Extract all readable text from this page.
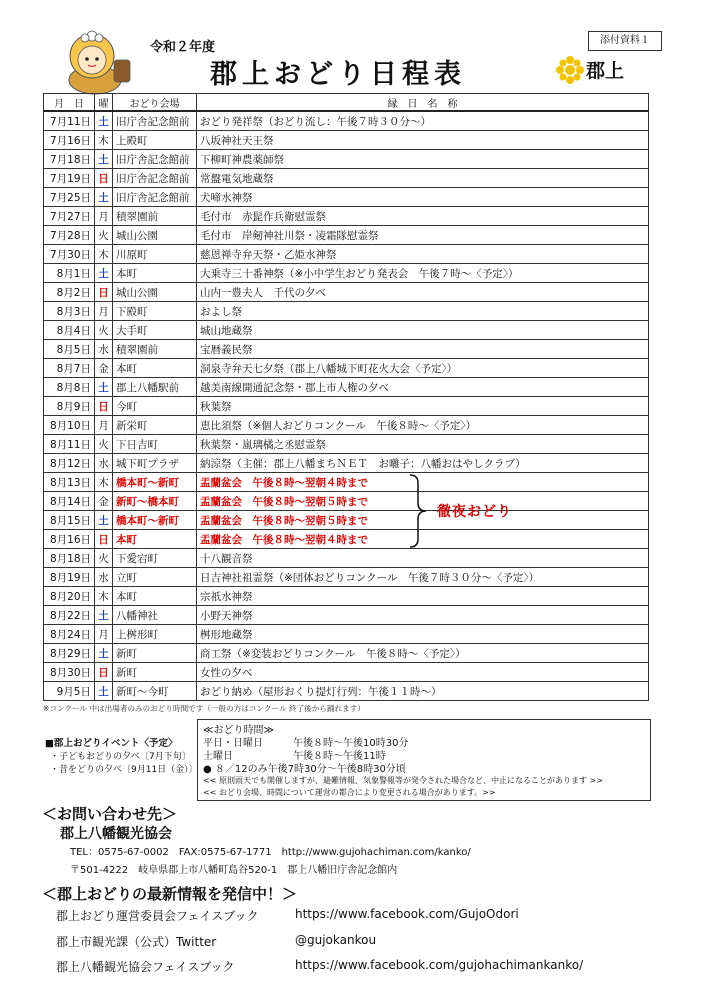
令和２年度
郡上おどり日程表
添付資料１
郡上
月　日	曜	おどり会場	縁　日　名　称
7月11日	土	旧庁舎記念館前	おどり発祥祭（おどり流し：午後７時３０分～）
7月16日	木	上殿町	八坂神社天王祭
7月18日	土	旧庁舎記念館前	下柳町神農薬師祭
7月19日	日	旧庁舎記念館前	常盤電気地蔵祭
7月25日	土	旧庁舎記念館前	犬啼水神祭
7月27日	月	積翠園前	毛付市　赤髭作兵衛慰霊祭
7月28日	火	城山公園	毛付市　岸剱神社川祭・凌霜隊慰霊祭
7月30日	木	川原町	慈恩禅寺弁天祭・乙姫水神祭
8月1日	土	本町	大乗寺三十番神祭（※小中学生おどり発表会　午後７時～〈予定〉）
8月2日	日	城山公園	山内一豊夫人　千代の夕べ
8月3日	月	下殿町	およし祭
8月4日	火	大手町	城山地蔵祭
8月5日	水	積翠園前	宝暦義民祭
8月7日	金	本町	洞泉寺弁天七夕祭（郡上八幡城下町花火大会〈予定〉）
8月8日	土	郡上八幡駅前	越美南線開通記念祭・郡上市人権の夕べ
8月9日	日	今町	秋葉祭
8月10日	月	新栄町	恵比須祭（※個人おどりコンクール　午後８時～〈予定〉）
8月11日	火	下日吉町	秋葉祭・嵐璃橘之丞慰霊祭
8月12日	水	城下町プラザ	納涼祭（主催：郡上八幡まちＮＥＴ　お囃子：八幡おはやしクラブ）
8月13日	木	橋本町～新町	盂蘭盆会　午後８時～翌朝４時まで
8月14日	金	新町～橋本町	盂蘭盆会　午後８時～翌朝５時まで
8月15日	土	橋本町～新町	盂蘭盆会　午後８時～翌朝５時まで
8月16日	日	本町	盂蘭盆会　午後８時～翌朝４時まで
8月18日	火	下愛宕町	十八観音祭
8月19日	水	立町	日吉神社祖霊祭（※団体おどりコンクール　午後７時３０分～〈予定〉）
8月20日	木	本町	宗祇水神祭
8月22日	土	八幡神社	小野天神祭
8月24日	月	上桝形町	桝形地蔵祭
8月29日	土	新町	商工祭（※変装おどりコンクール　午後８時～〈予定〉）
8月30日	日	新町	女性の夕べ
9月5日	土	新町～今町	おどり納め（屋形おくり提灯行列：午後１１時～）
徹夜おどり
※コンクール 中は出場者のみのおどり時間です（一般の方はコンクール 終了後から踊れます）
■郡上おどりイベント〈予定〉
・子どもおどりの夕べ〔7月下旬〕
・昔をどりの夕べ〔9月11日（金）〕
≪おどり時間≫
平日・日曜日　　　午後８時～午後10時30分
土曜日　　　　　　午後８時～午後11時
● ８／12のみ午後7時30分～午後8時30分頃
<< 原則雨天でも開催しますが、避難情報、気象警報等が発令された場合など、中止になることがあります >>
<< おどり会場、時間について運営の都合により変更される場合があります。>>
＜お問い合わせ先＞
郡上八幡観光協会
TEL：0575-67-0002　FAX:0575-67-1771　http://www.gujohachiman.com/kanko/
〒501-4222　岐阜県郡上市八幡町島谷520-1　郡上八幡旧庁舎記念館内
＜郡上おどりの最新情報を発信中！＞
郡上おどり運営委員会フェイスブック	https://www.facebook.com/GujoOdori
郡上市観光課（公式）Twitter	@gujokankou
郡上八幡観光協会フェイスブック	https://www.facebook.com/gujohachimankanko/
